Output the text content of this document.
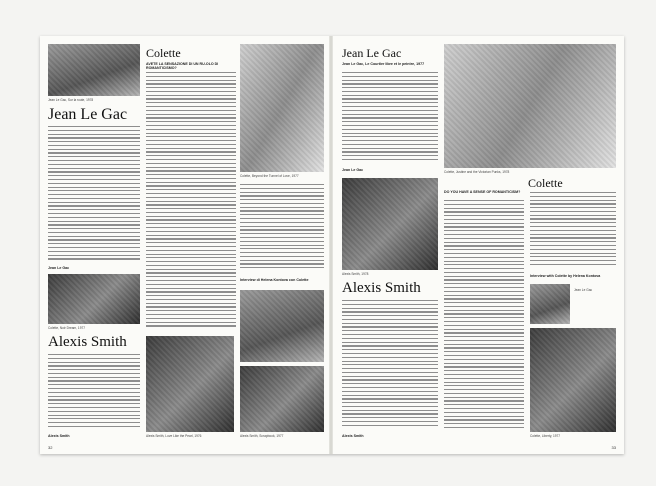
Jean Le Gac, Sur la route, 1978
Jean Le Gac
Jean Le Gac
Colette, Noir Dream, 1977
Alexis Smith
Alexis Smith
Colette
AVETE LA SENSAZIONE DI UN RU-OLO DI ROMANTICISMO?
Alexis Smith, Love Like the Pearl, 1976
Colette, Beyond the Tunnel of Love, 1977
Interview di Helena Kontova con Colette
Alexis Smith, Scrapbook, 1977
32
Jean Le Gac
Jean Le Gac, Le Courtier libre et le peintre, 1977
Jean Le Gac	Colette, Justine and the Victorian Punks, 1978
Alexis Smith, 1978
Colette
DO YOU HAVE A SENSE OF ROMANTICISM?
Interview with Colette by Helena Kontova
Jean Le Gac
Colette, Liberty, 1977
Alexis Smith
Alexis Smith
33
